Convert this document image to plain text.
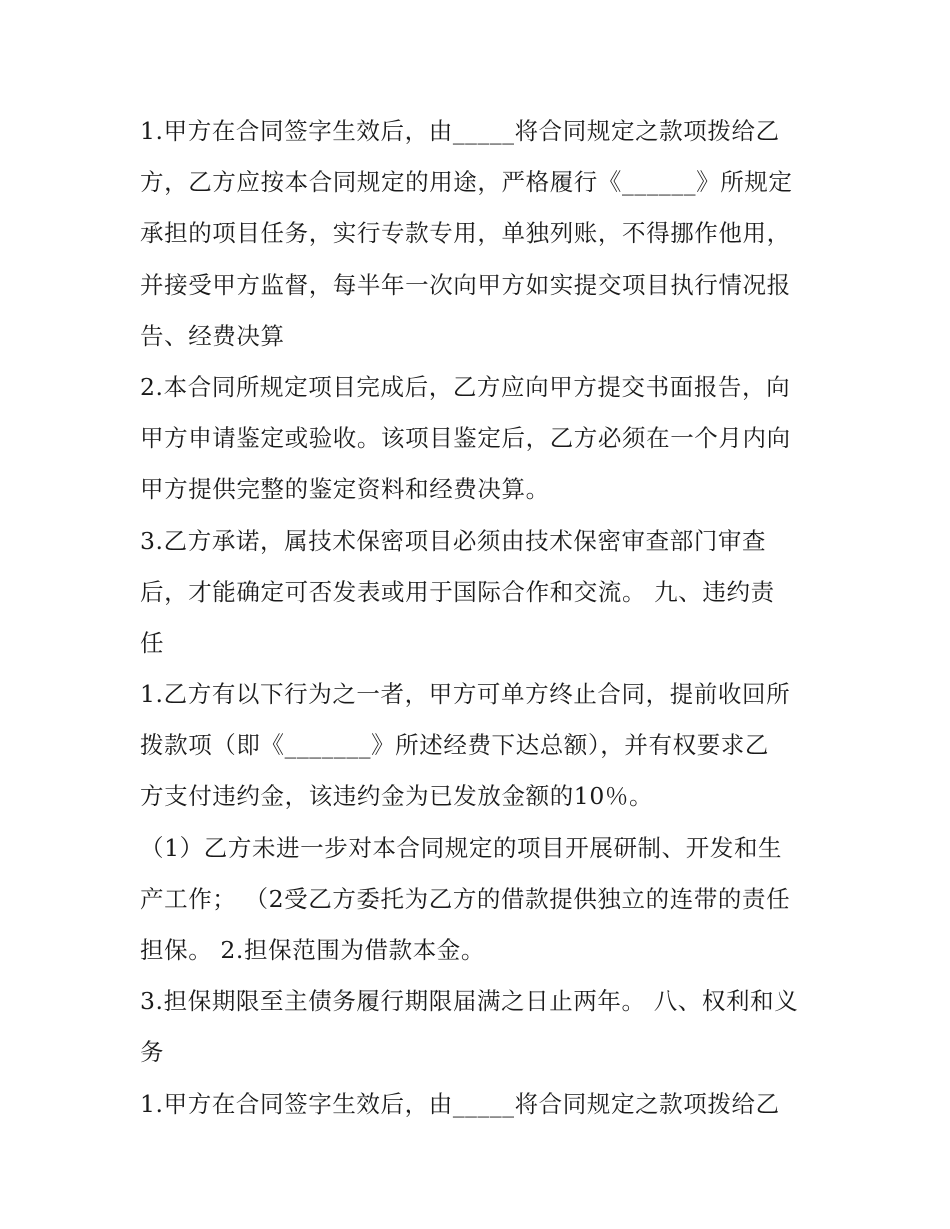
1.甲方在合同签字生效后，由_____将合同规定之款项拨给乙
方，乙方应按本合同规定的用途，严格履行《______》所规定
承担的项目任务，实行专款专用，单独列账，不得挪作他用，
并接受甲方监督，每半年一次向甲方如实提交项目执行情况报
告、经费决算
2.本合同所规定项目完成后，乙方应向甲方提交书面报告，向
甲方申请鉴定或验收。该项目鉴定后，乙方必须在一个月内向
甲方提供完整的鉴定资料和经费决算。
3.乙方承诺，属技术保密项目必须由技术保密审查部门审查
后，才能确定可否发表或用于国际合作和交流。 九、违约责
任
1.乙方有以下行为之一者，甲方可单方终止合同，提前收回所
拨款项（即《_______》所述经费下达总额），并有权要求乙
方支付违约金，该违约金为已发放金额的10％。
（1）乙方未进一步对本合同规定的项目开展研制、开发和生
产工作； （2受乙方委托为乙方的借款提供独立的连带的责任
担保。 2.担保范围为借款本金。
3.担保期限至主债务履行期限届满之日止两年。 八、权利和义
务
1.甲方在合同签字生效后，由_____将合同规定之款项拨给乙
